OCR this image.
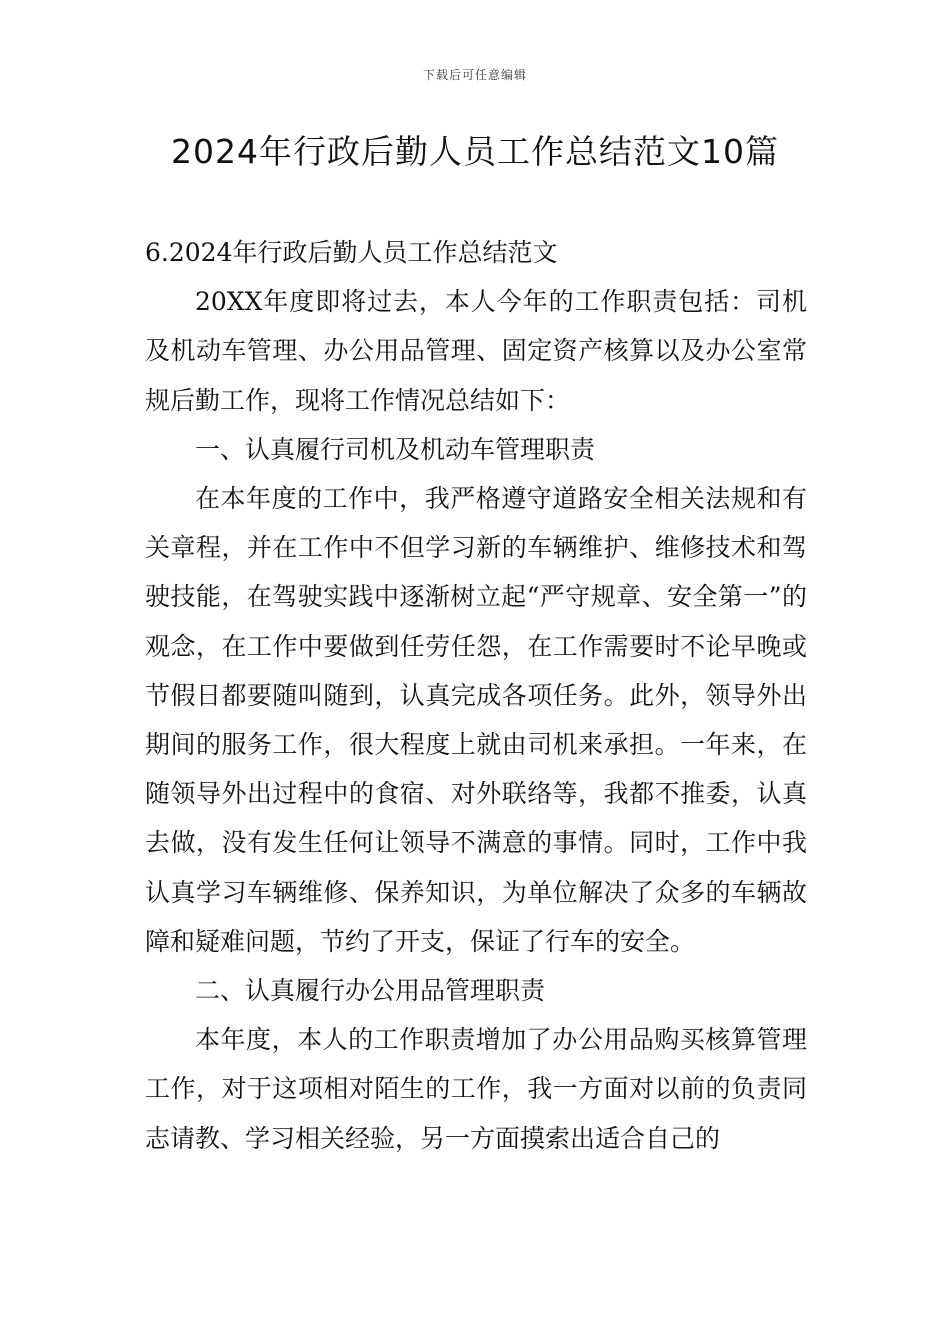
下载后可任意编辑
2024年行政后勤人员工作总结范文10篇

6.2024年行政后勤人员工作总结范文

20XX年度即将过去，本人今年的工作职责包括：司机及机动车管理、办公用品管理、固定资产核算以及办公室常规后勤工作，现将工作情况总结如下：

一、认真履行司机及机动车管理职责

在本年度的工作中，我严格遵守道路安全相关法规和有关章程，并在工作中不但学习新的车辆维护、维修技术和驾驶技能，在驾驶实践中逐渐树立起“严守规章、安全第一”的观念，在工作中要做到任劳任怨，在工作需要时不论早晚或节假日都要随叫随到，认真完成各项任务。此外，领导外出期间的服务工作，很大程度上就由司机来承担。一年来，在随领导外出过程中的食宿、对外联络等，我都不推委，认真去做，没有发生任何让领导不满意的事情。同时，工作中我认真学习车辆维修、保养知识，为单位解决了众多的车辆故障和疑难问题，节约了开支，保证了行车的安全。

二、认真履行办公用品管理职责

本年度，本人的工作职责增加了办公用品购买核算管理工作，对于这项相对陌生的工作，我一方面对以前的负责同志请教、学习相关经验，另一方面摸索出适合自己的
